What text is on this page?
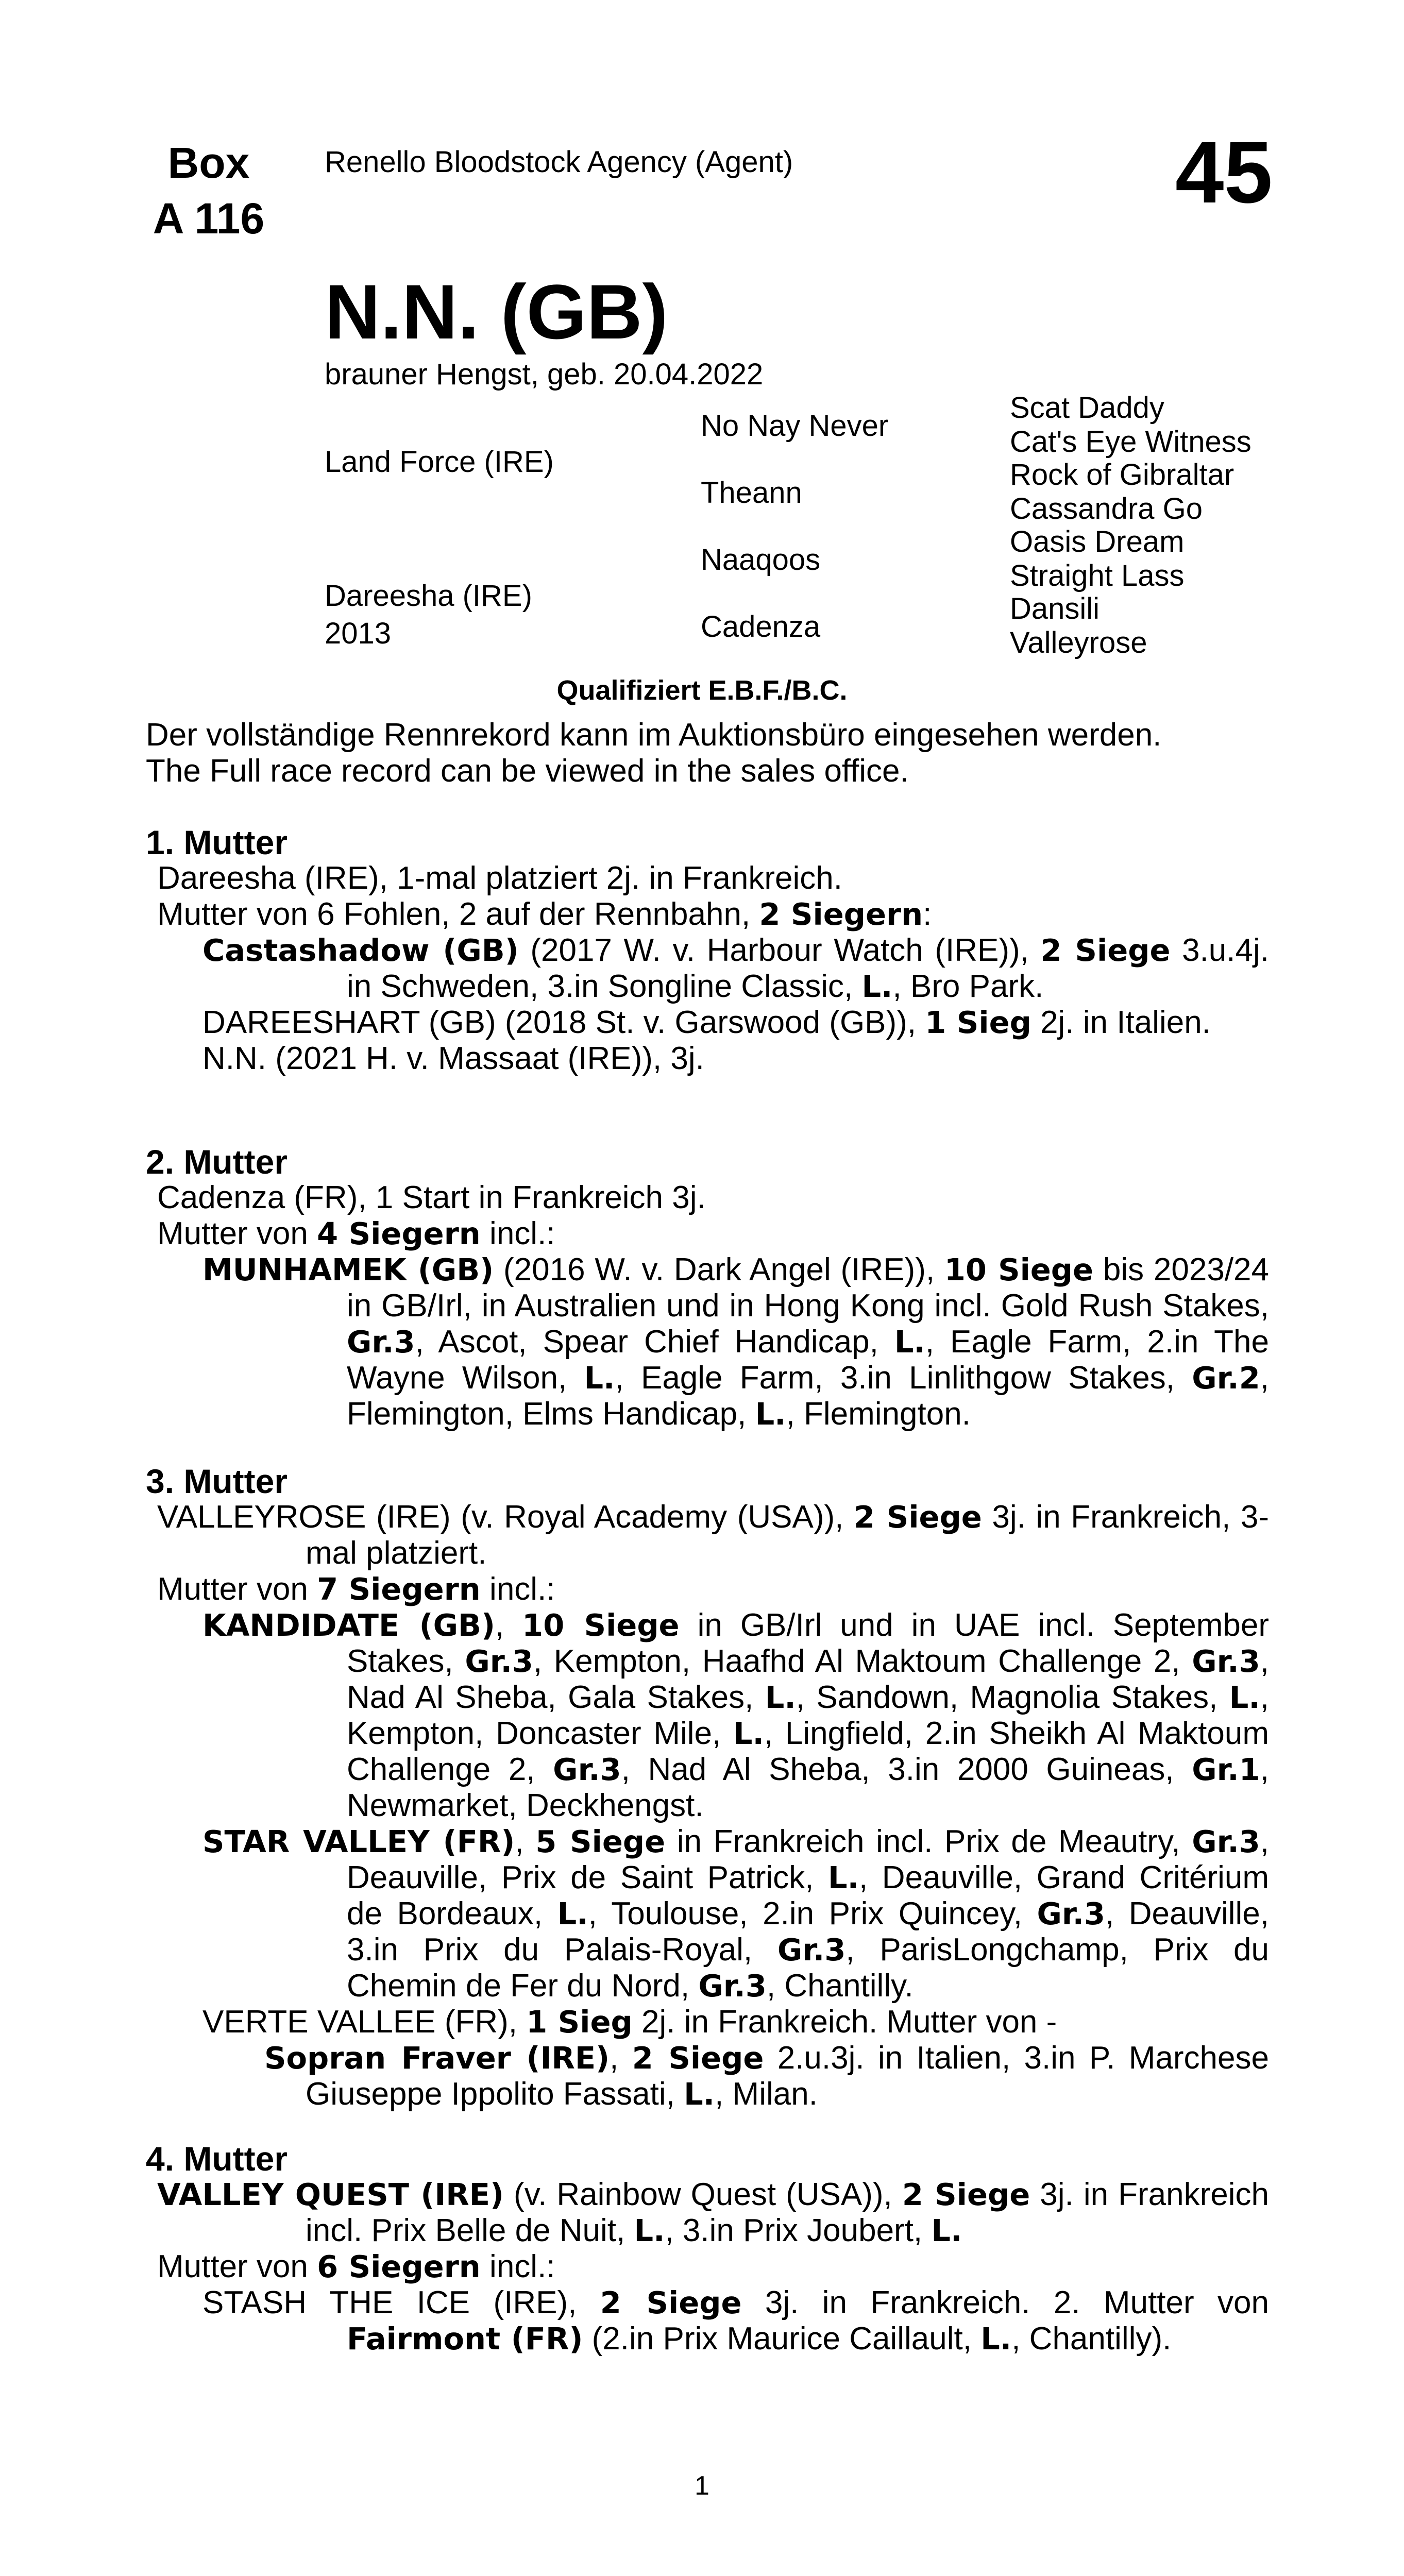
Box
A 116
Renello Bloodstock Agency (Agent)	45
N.N. (GB)
brauner Hengst, geb. 20.04.2022
Land Force (IRE)
Dareesha (IRE)
2013
No Nay Never
Theann
Naaqoos
Cadenza
Scat Daddy
Cat's Eye Witness
Rock of Gibraltar
Cassandra Go
Oasis Dream
Straight Lass
Dansili
Valleyrose
Qualifiziert E.B.F./B.C.
Der vollständige Rennrekord kann im Auktionsbüro eingesehen werden.
The Full race record can be viewed in the sales office.
1. Mutter
Dareesha (IRE), 1-mal platziert 2j. in Frankreich.
Mutter von 6 Fohlen, 2 auf der Rennbahn, 2 Siegern:
Castashadow (GB) (2017 W. v. Harbour Watch (IRE)), 2 Siege 3.u.4j. in Schweden, 3.in Songline Classic, L., Bro Park.
DAREESHART (GB) (2018 St. v. Garswood (GB)), 1 Sieg 2j. in Italien.
N.N. (2021 H. v. Massaat (IRE)), 3j.
2. Mutter
Cadenza (FR), 1 Start in Frankreich 3j.
Mutter von 4 Siegern incl.:
MUNHAMEK (GB) (2016 W. v. Dark Angel (IRE)), 10 Siege bis 2023/24 in GB/Irl, in Australien und in Hong Kong incl. Gold Rush Stakes, Gr.3, Ascot, Spear Chief Handicap, L., Eagle Farm, 2.in The Wayne Wilson, L., Eagle Farm, 3.in Linlithgow Stakes, Gr.2, Flemington, Elms Handicap, L., Flemington.
3. Mutter
VALLEYROSE (IRE) (v. Royal Academy (USA)), 2 Siege 3j. in Frankreich, 3-mal platziert.
Mutter von 7 Siegern incl.:
KANDIDATE (GB), 10 Siege in GB/Irl und in UAE incl. September Stakes, Gr.3, Kempton, Haafhd Al Maktoum Challenge 2, Gr.3, Nad Al Sheba, Gala Stakes, L., Sandown, Magnolia Stakes, L., Kempton, Doncaster Mile, L., Lingfield, 2.in Sheikh Al Maktoum Challenge 2, Gr.3, Nad Al Sheba, 3.in 2000 Guineas, Gr.1, Newmarket, Deckhengst.
STAR VALLEY (FR), 5 Siege in Frankreich incl. Prix de Meautry, Gr.3, Deauville, Prix de Saint Patrick, L., Deauville, Grand Critérium de Bordeaux, L., Toulouse, 2.in Prix Quincey, Gr.3, Deauville, 3.in Prix du Palais-Royal, Gr.3, ParisLongchamp, Prix du Chemin de Fer du Nord, Gr.3, Chantilly.
VERTE VALLEE (FR), 1 Sieg 2j. in Frankreich. Mutter von -
Sopran Fraver (IRE), 2 Siege 2.u.3j. in Italien, 3.in P. Marchese Giuseppe Ippolito Fassati, L., Milan.
4. Mutter
VALLEY QUEST (IRE) (v. Rainbow Quest (USA)), 2 Siege 3j. in Frankreich incl. Prix Belle de Nuit, L., 3.in Prix Joubert, L.
Mutter von 6 Siegern incl.:
STASH THE ICE (IRE), 2 Siege 3j. in Frankreich. 2. Mutter von Fairmont (FR) (2.in Prix Maurice Caillault, L., Chantilly).
1
